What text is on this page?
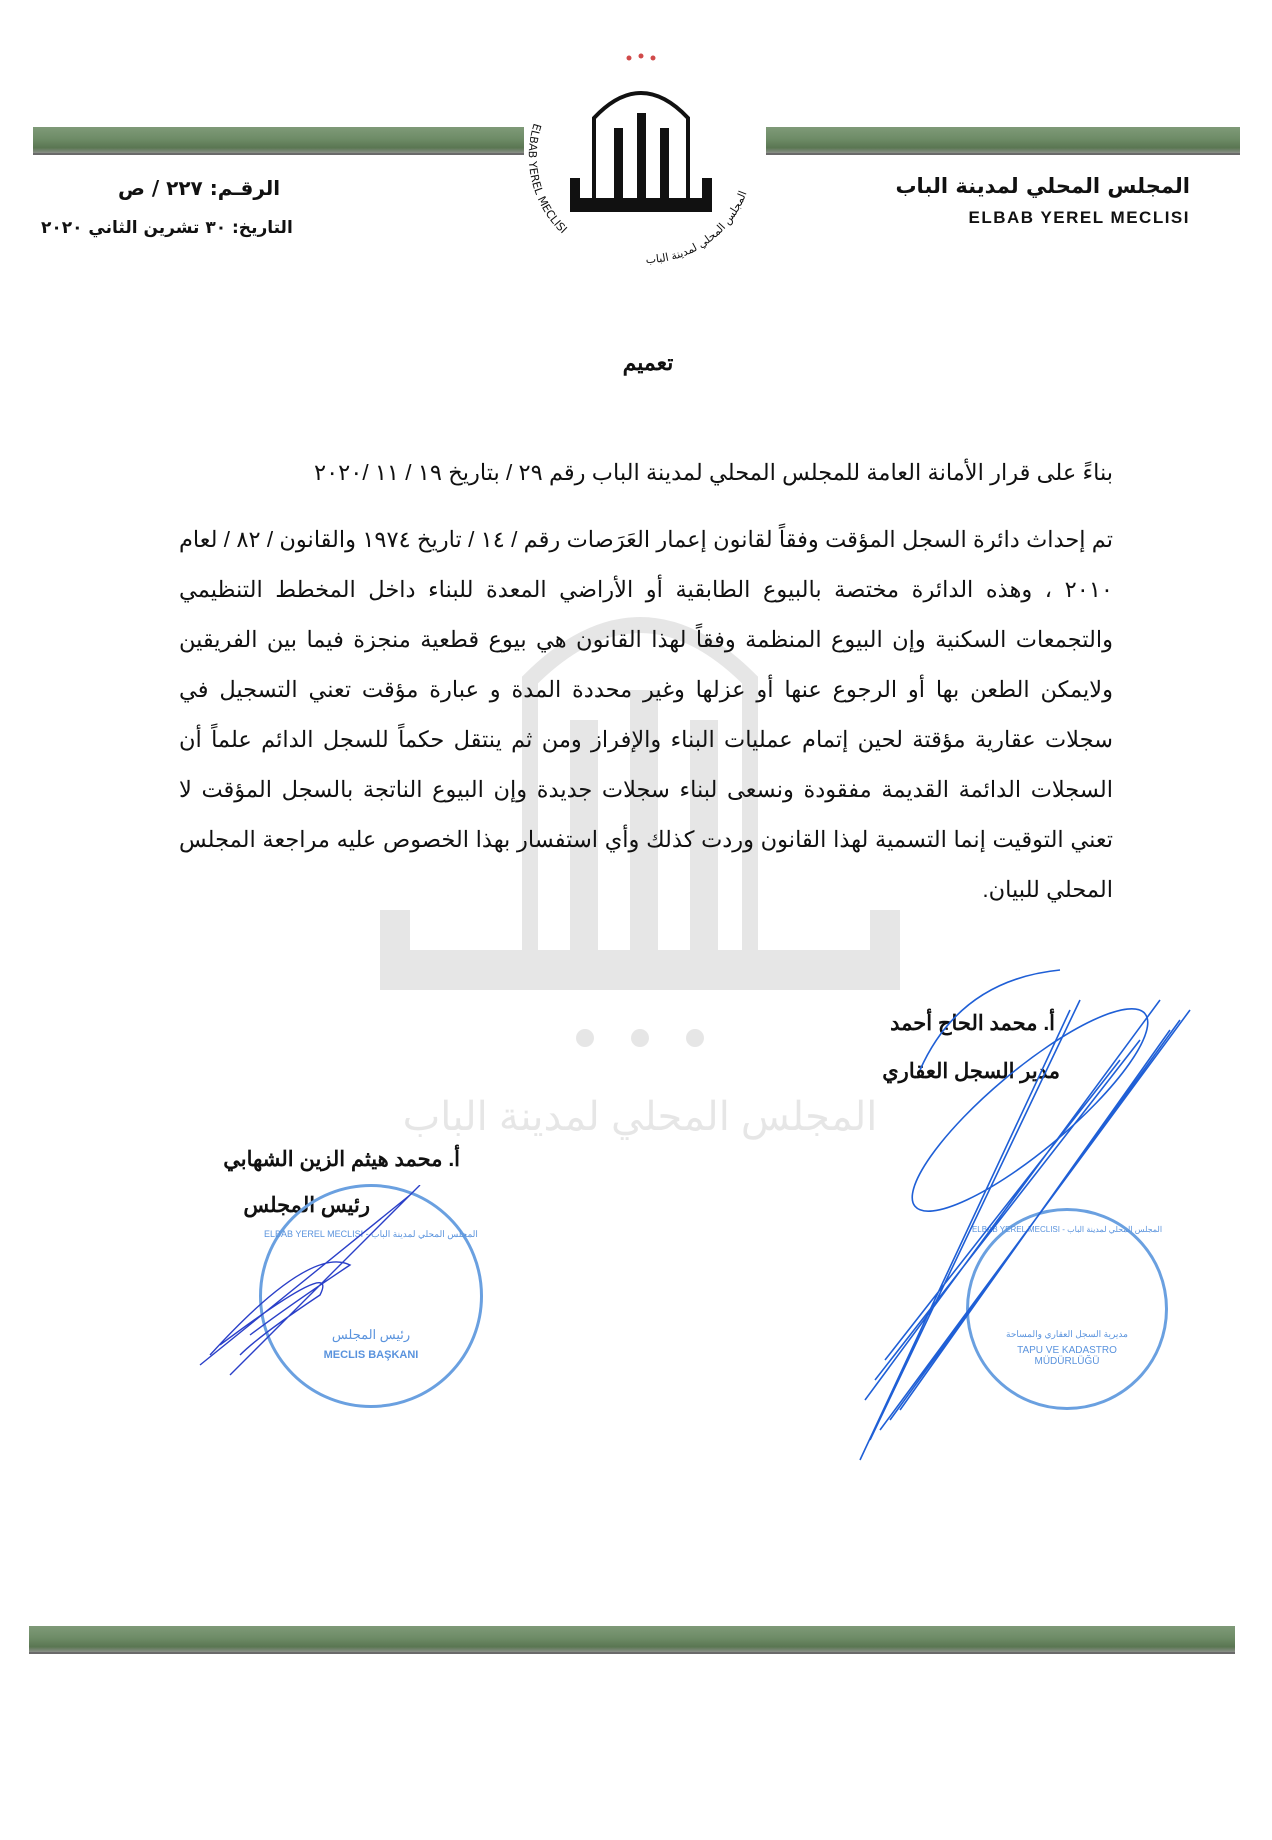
المجلس المحلي لمدينة الباب
ELBAB YEREL MECLISI
المجلس المحلي لمدينة الباب	المجلس المحلي لمدينة الباب
ELBAB YEREL MECLISI
الرقـم: ٢٢٧ / ص
التاريخ: ٣٠ تشرين الثاني ٢٠٢٠
تعميم
بناءً على قرار الأمانة العامة للمجلس المحلي لمدينة الباب رقم ٢٩ / بتاريخ ١٩ / ١١ /٢٠٢٠
تم إحداث دائرة السجل المؤقت وفقاً لقانون إعمار العَرَصات رقم / ١٤ / تاريخ ١٩٧٤ والقانون / ٨٢ / لعام ٢٠١٠ ، وهذه الدائرة مختصة بالبيوع الطابقية أو الأراضي المعدة للبناء داخل المخطط التنظيمي والتجمعات السكنية وإن البيوع المنظمة وفقاً لهذا القانون هي بيوع قطعية منجزة فيما بين الفريقين ولايمكن الطعن بها أو الرجوع عنها أو عزلها وغير محددة المدة و عبارة مؤقت تعني التسجيل في سجلات عقارية مؤقتة لحين إتمام عمليات البناء والإفراز ومن ثم ينتقل حكماً للسجل الدائم علماً أن السجلات الدائمة القديمة مفقودة ونسعى لبناء سجلات جديدة وإن البيوع الناتجة بالسجل المؤقت لا تعني التوقيت إنما التسمية لهذا القانون وردت كذلك وأي استفسار بهذا الخصوص عليه مراجعة المجلس المحلي للبيان.
أ. محمد الحاج أحمد
مدير السجل العقاري
أ. محمد هيثم الزين الشهابي
رئيس المجلس
المجلس المحلي لمدينة الباب - ELBAB YEREL MECLISI
رئيس المجلس
MECLIS BAŞKANI
المجلس المحلي لمدينة الباب - ELBAB YEREL MECLISI
مديرية السجل العقاري والمساحة
TAPU VE KADASTRO MÜDÜRLÜĞÜ
